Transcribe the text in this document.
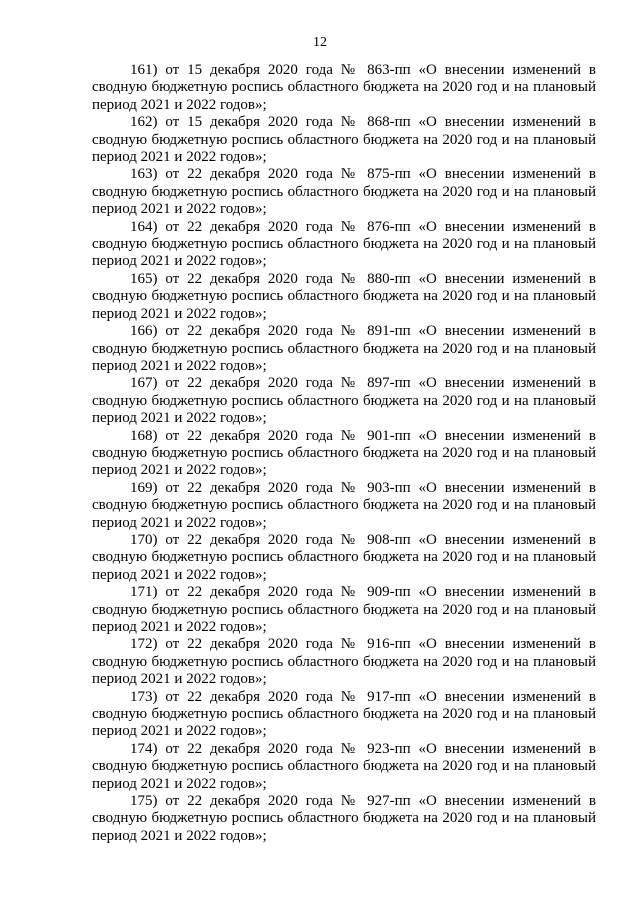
12

161) от 15 декабря 2020 года № 863-пп «О внесении изменений в сводную бюджетную роспись областного бюджета на 2020 год и на плановый период 2021 и 2022 годов»;

162) от 15 декабря 2020 года № 868-пп «О внесении изменений в сводную бюджетную роспись областного бюджета на 2020 год и на плановый период 2021 и 2022 годов»;

163) от 22 декабря 2020 года № 875-пп «О внесении изменений в сводную бюджетную роспись областного бюджета на 2020 год и на плановый период 2021 и 2022 годов»;

164) от 22 декабря 2020 года № 876-пп «О внесении изменений в сводную бюджетную роспись областного бюджета на 2020 год и на плановый период 2021 и 2022 годов»;

165) от 22 декабря 2020 года № 880-пп «О внесении изменений в сводную бюджетную роспись областного бюджета на 2020 год и на плановый период 2021 и 2022 годов»;

166) от 22 декабря 2020 года № 891-пп «О внесении изменений в сводную бюджетную роспись областного бюджета на 2020 год и на плановый период 2021 и 2022 годов»;

167) от 22 декабря 2020 года № 897-пп «О внесении изменений в сводную бюджетную роспись областного бюджета на 2020 год и на плановый период 2021 и 2022 годов»;

168) от 22 декабря 2020 года № 901-пп «О внесении изменений в сводную бюджетную роспись областного бюджета на 2020 год и на плановый период 2021 и 2022 годов»;

169) от 22 декабря 2020 года № 903-пп «О внесении изменений в сводную бюджетную роспись областного бюджета на 2020 год и на плановый период 2021 и 2022 годов»;

170) от 22 декабря 2020 года № 908-пп «О внесении изменений в сводную бюджетную роспись областного бюджета на 2020 год и на плановый период 2021 и 2022 годов»;

171) от 22 декабря 2020 года № 909-пп «О внесении изменений в сводную бюджетную роспись областного бюджета на 2020 год и на плановый период 2021 и 2022 годов»;

172) от 22 декабря 2020 года № 916-пп «О внесении изменений в сводную бюджетную роспись областного бюджета на 2020 год и на плановый период 2021 и 2022 годов»;

173) от 22 декабря 2020 года № 917-пп «О внесении изменений в сводную бюджетную роспись областного бюджета на 2020 год и на плановый период 2021 и 2022 годов»;

174) от 22 декабря 2020 года № 923-пп «О внесении изменений в сводную бюджетную роспись областного бюджета на 2020 год и на плановый период 2021 и 2022 годов»;

175) от 22 декабря 2020 года № 927-пп «О внесении изменений в сводную бюджетную роспись областного бюджета на 2020 год и на плановый период 2021 и 2022 годов»;
